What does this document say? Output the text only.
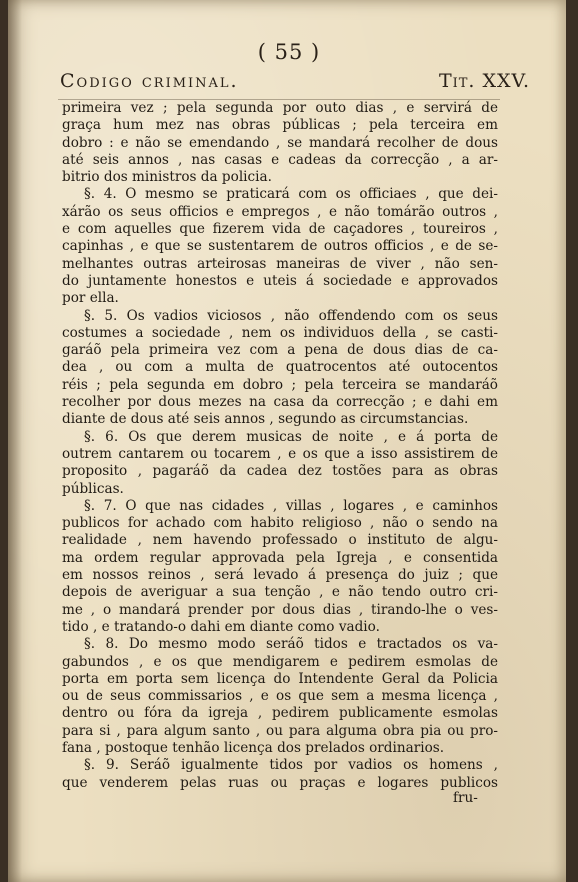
( 55 )
Codigo criminal.	Tit. XXV.
primeira vez ; pela segunda por outo dias , e servirá de
graça hum mez nas obras públicas ; pela terceira em
dobro : e não se emendando , se mandará recolher de dous
até seis annos , nas casas e cadeas da correcção , a ar-
bitrio dos ministros da policia.
§. 4. O mesmo se praticará com os officiaes , que dei-
xárão os seus officios e empregos , e não tomárão outros ,
e com aquelles que fizerem vida de caçadores , toureiros ,
capinhas , e que se sustentarem de outros officios , e de se-
melhantes outras arteirosas maneiras de viver , não sen-
do juntamente honestos e uteis á sociedade e approvados
por ella.
§. 5. Os vadios viciosos , não offendendo com os seus
costumes a sociedade , nem os individuos della , se casti-
garáõ pela primeira vez com a pena de dous dias de ca-
dea , ou com a multa de quatrocentos até outocentos
réis ; pela segunda em dobro ; pela terceira se mandaráõ
recolher por dous mezes na casa da correcção ; e dahi em
diante de dous até seis annos , segundo as circumstancias.
§. 6. Os que derem musicas de noite , e á porta de
outrem cantarem ou tocarem , e os que a isso assistirem de
proposito , pagaráõ da cadea dez tostões para as obras
públicas.
§. 7. O que nas cidades , villas , logares , e caminhos
publicos for achado com habito religioso , não o sendo na
realidade , nem havendo professado o instituto de algu-
ma ordem regular approvada pela Igreja , e consentida
em nossos reinos , será levado á presença do juiz ; que
depois de averiguar a sua tenção , e não tendo outro cri-
me , o mandará prender por dous dias , tirando-lhe o ves-
tido , e tratando-o dahi em diante como vadio.
§. 8. Do mesmo modo seráõ tidos e tractados os va-
gabundos , e os que mendigarem e pedirem esmolas de
porta em porta sem licença do Intendente Geral da Policia
ou de seus commissarios , e os que sem a mesma licença ,
dentro ou fóra da igreja , pedirem publicamente esmolas
para si , para algum santo , ou para alguma obra pia ou pro-
fana , postoque tenhão licença dos prelados ordinarios.
§. 9. Seráõ igualmente tidos por vadios os homens ,
que venderem pelas ruas ou praças e logares publicos
fru-
